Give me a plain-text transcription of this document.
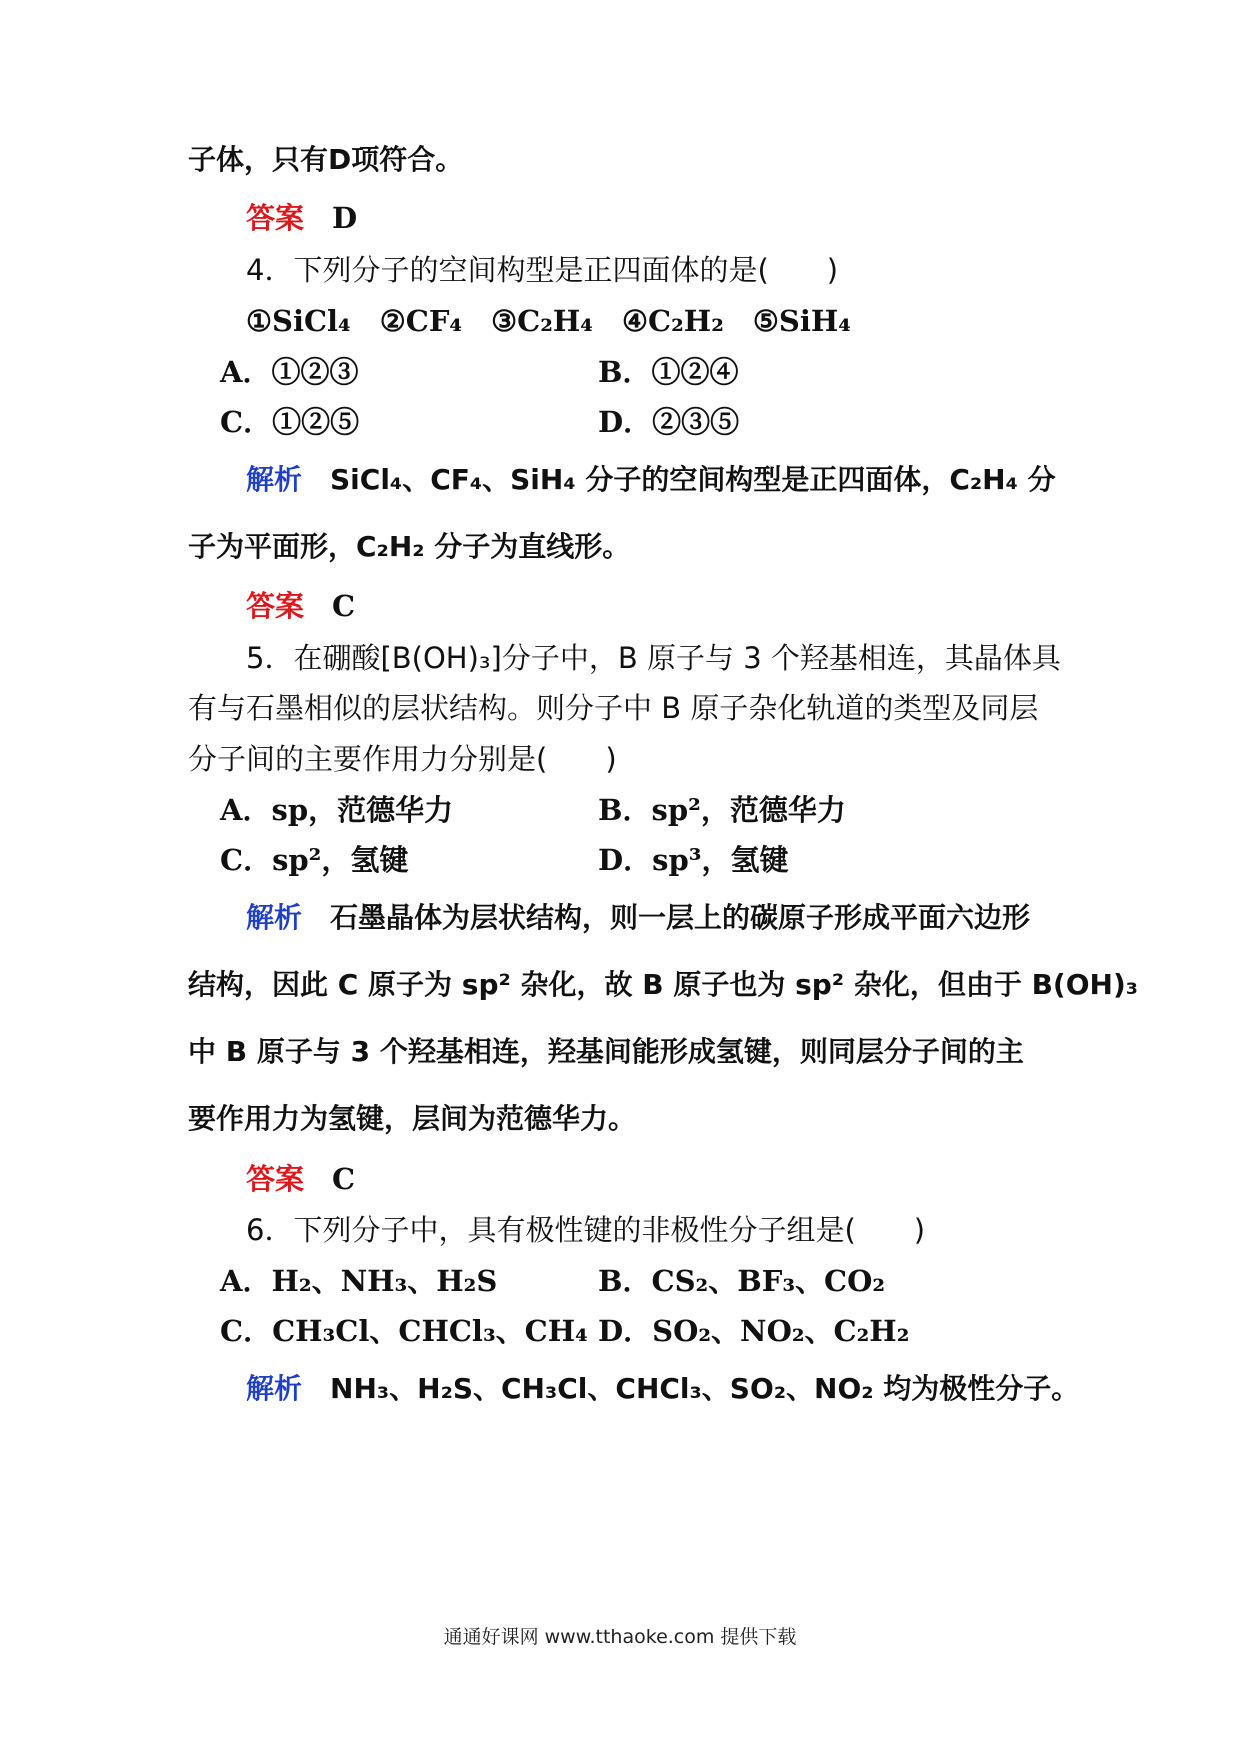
子体，只有D项符合。
答案 D
4．下列分子的空间构型是正四面体的是(　　)
①SiCl₄　②CF₄　③C₂H₄　④C₂H₂　⑤SiH₄
A．①②③	B．①②④
C．①②⑤	D．②③⑤
解析 SiCl₄、CF₄、SiH₄ 分子的空间构型是正四面体，C₂H₄ 分
子为平面形，C₂H₂ 分子为直线形。
答案 C
5．在硼酸[B(OH)₃]分子中，B 原子与 3 个羟基相连，其晶体具
有与石墨相似的层状结构。则分子中 B 原子杂化轨道的类型及同层
分子间的主要作用力分别是(　　)
A．sp，范德华力	B．sp²，范德华力
C．sp²，氢键	D．sp³，氢键
解析 石墨晶体为层状结构，则一层上的碳原子形成平面六边形
结构，因此 C 原子为 sp² 杂化，故 B 原子也为 sp² 杂化，但由于 B(OH)₃
中 B 原子与 3 个羟基相连，羟基间能形成氢键，则同层分子间的主
要作用力为氢键，层间为范德华力。
答案 C
6．下列分子中，具有极性键的非极性分子组是(　　)
A．H₂、NH₃、H₂S	B．CS₂、BF₃、CO₂
C．CH₃Cl、CHCl₃、CH₄ D．SO₂、NO₂、C₂H₂
解析 NH₃、H₂S、CH₃Cl、CHCl₃、SO₂、NO₂ 均为极性分子。
通通好课网 www.tthaoke.com 提供下载
